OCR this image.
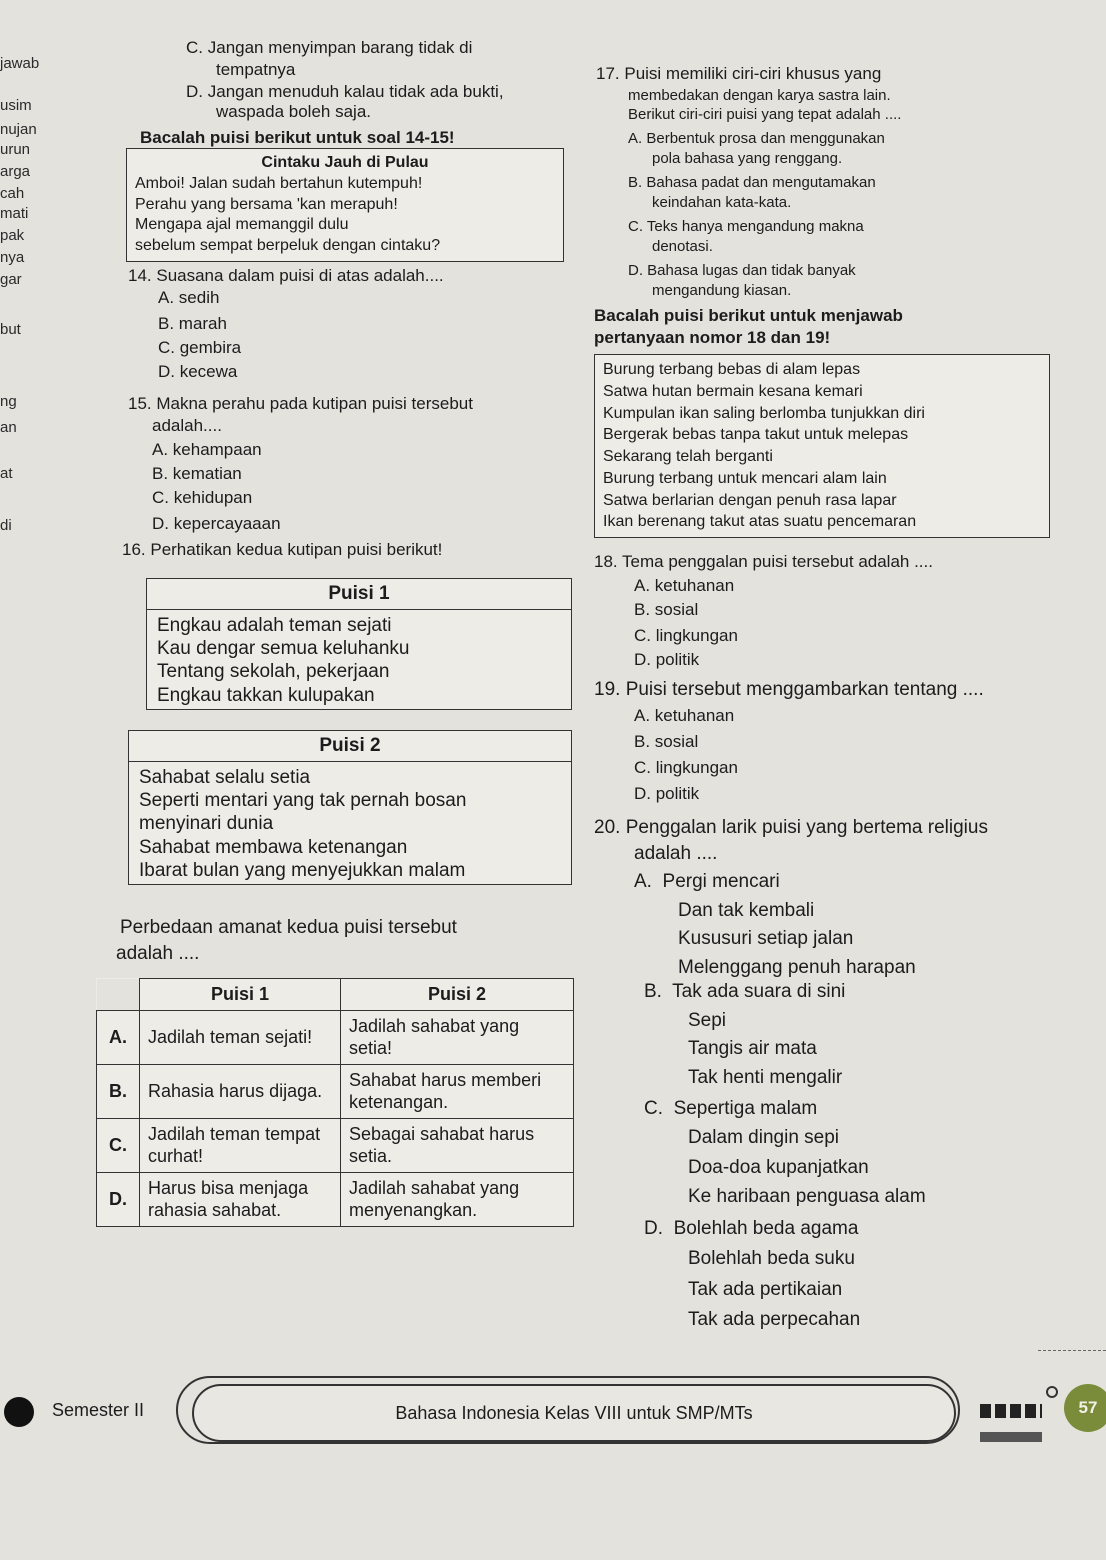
jawab
usim
nujan
urun
arga
cah
mati
pak
nya
gar
but
ng
an
at
di
C. Jangan menyimpan barang tidak di
tempatnya
D. Jangan menuduh kalau tidak ada bukti,
waspada boleh saja.
Bacalah puisi berikut untuk soal 14-15!
Cintaku Jauh di Pulau
Amboi! Jalan sudah bertahun kutempuh!
Perahu yang bersama 'kan merapuh!
Mengapa ajal memanggil dulu
sebelum sempat berpeluk dengan cintaku?
14. Suasana dalam puisi di atas adalah....
A. sedih
B. marah
C. gembira
D. kecewa
15. Makna perahu pada kutipan puisi tersebut
adalah....
A. kehampaan
B. kematian
C. kehidupan
D. kepercayaaan
16. Perhatikan kedua kutipan puisi berikut!
Puisi 1
Engkau adalah teman sejati
Kau dengar semua keluhanku
Tentang sekolah, pekerjaan
Engkau takkan kulupakan
Puisi 2
Sahabat selalu setia
Seperti mentari yang tak pernah bosan
menyinari dunia
Sahabat membawa ketenangan
Ibarat bulan yang menyejukkan malam
Perbedaan amanat kedua puisi tersebut
adalah ....
	Puisi 1	Puisi 2
A.	Jadilah teman sejati!	Jadilah sahabat yang setia!
B.	Rahasia harus dijaga.	Sahabat harus memberi ketenangan.
C.	Jadilah teman tempat curhat!	Sebagai sahabat harus setia.
D.	Harus bisa menjaga rahasia sahabat.	Jadilah sahabat yang menyenangkan.
17. Puisi memiliki ciri-ciri khusus yang
membedakan dengan karya sastra lain.
Berikut ciri-ciri puisi yang tepat adalah ....
A. Berbentuk prosa dan menggunakan
pola bahasa yang renggang.
B. Bahasa padat dan mengutamakan
keindahan kata-kata.
C. Teks hanya mengandung makna
denotasi.
D. Bahasa lugas dan tidak banyak
mengandung kiasan.
Bacalah puisi berikut untuk menjawab
pertanyaan nomor 18 dan 19!
Burung terbang bebas di alam lepas
Satwa hutan bermain kesana kemari
Kumpulan ikan saling berlomba tunjukkan diri
Bergerak bebas tanpa takut untuk melepas
Sekarang telah berganti
Burung terbang untuk mencari alam lain
Satwa berlarian dengan penuh rasa lapar
Ikan berenang takut atas suatu pencemaran
18. Tema penggalan puisi tersebut adalah ....
A. ketuhanan
B. sosial
C. lingkungan
D. politik
19. Puisi tersebut menggambarkan tentang ....
A. ketuhanan
B. sosial
C. lingkungan
D. politik
20. Penggalan larik puisi yang bertema religius
adalah ....
A. Pergi mencari
Dan tak kembali
Kususuri setiap jalan
Melenggang penuh harapan
B. Tak ada suara di sini
Sepi
Tangis air mata
Tak henti mengalir
C. Sepertiga malam
Dalam dingin sepi
Doa-doa kupanjatkan
Ke haribaan penguasa alam
D. Bolehlah beda agama
Bolehlah beda suku
Tak ada pertikaian
Tak ada perpecahan
Semester II	Bahasa Indonesia Kelas VIII untuk SMP/MTs	57
